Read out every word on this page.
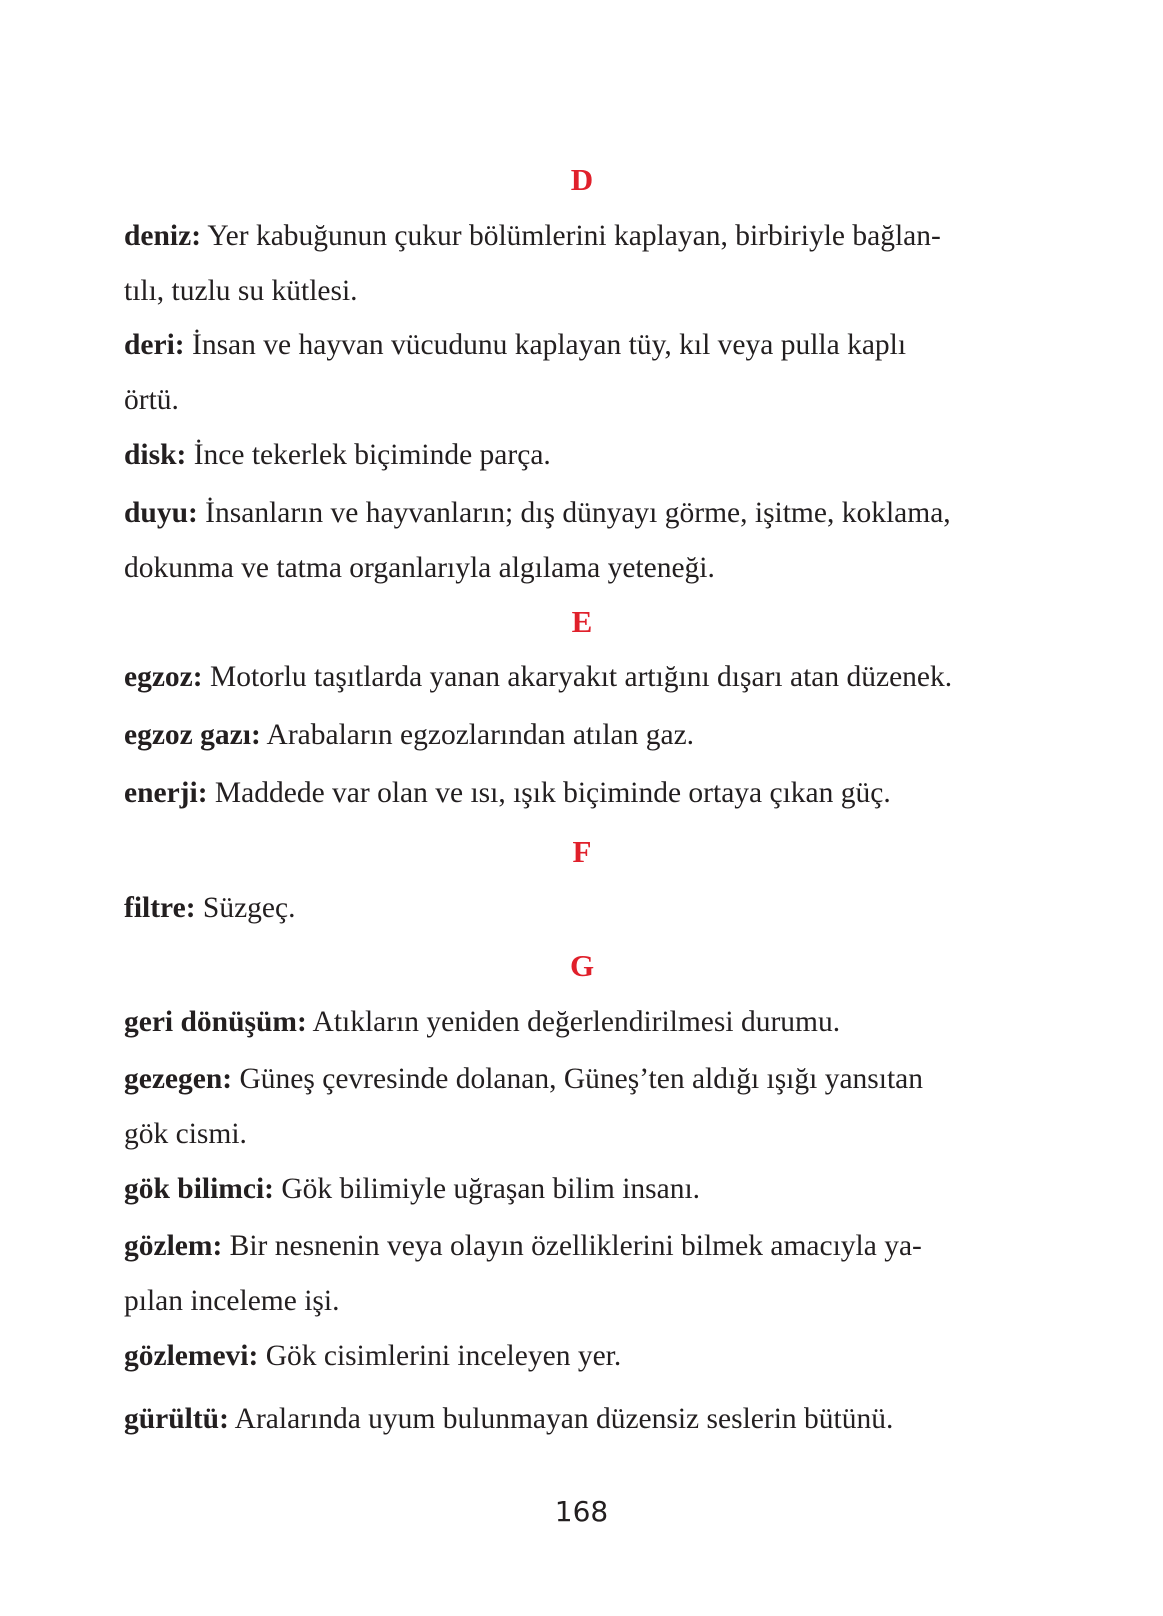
D
deniz: Yer kabuğunun çukur bölümlerini kaplayan, birbiriyle bağlan-
tılı, tuzlu su kütlesi.
deri: İnsan ve hayvan vücudunu kaplayan tüy, kıl veya pulla kaplı
örtü.
disk: İnce tekerlek biçiminde parça.
duyu: İnsanların ve hayvanların; dış dünyayı görme, işitme, koklama,
dokunma ve tatma organlarıyla algılama yeteneği.
E
egzoz: Motorlu taşıtlarda yanan akaryakıt artığını dışarı atan düzenek.
egzoz gazı: Arabaların egzozlarından atılan gaz.
enerji: Maddede var olan ve ısı, ışık biçiminde ortaya çıkan güç.
F
filtre: Süzgeç.
G
geri dönüşüm: Atıkların yeniden değerlendirilmesi durumu.
gezegen: Güneş çevresinde dolanan, Güneş’ten aldığı ışığı yansıtan
gök cismi.
gök bilimci: Gök bilimiyle uğraşan bilim insanı.
gözlem: Bir nesnenin veya olayın özelliklerini bilmek amacıyla ya-
pılan inceleme işi.
gözlemevi: Gök cisimlerini inceleyen yer.
gürültü: Aralarında uyum bulunmayan düzensiz seslerin bütünü.
168
